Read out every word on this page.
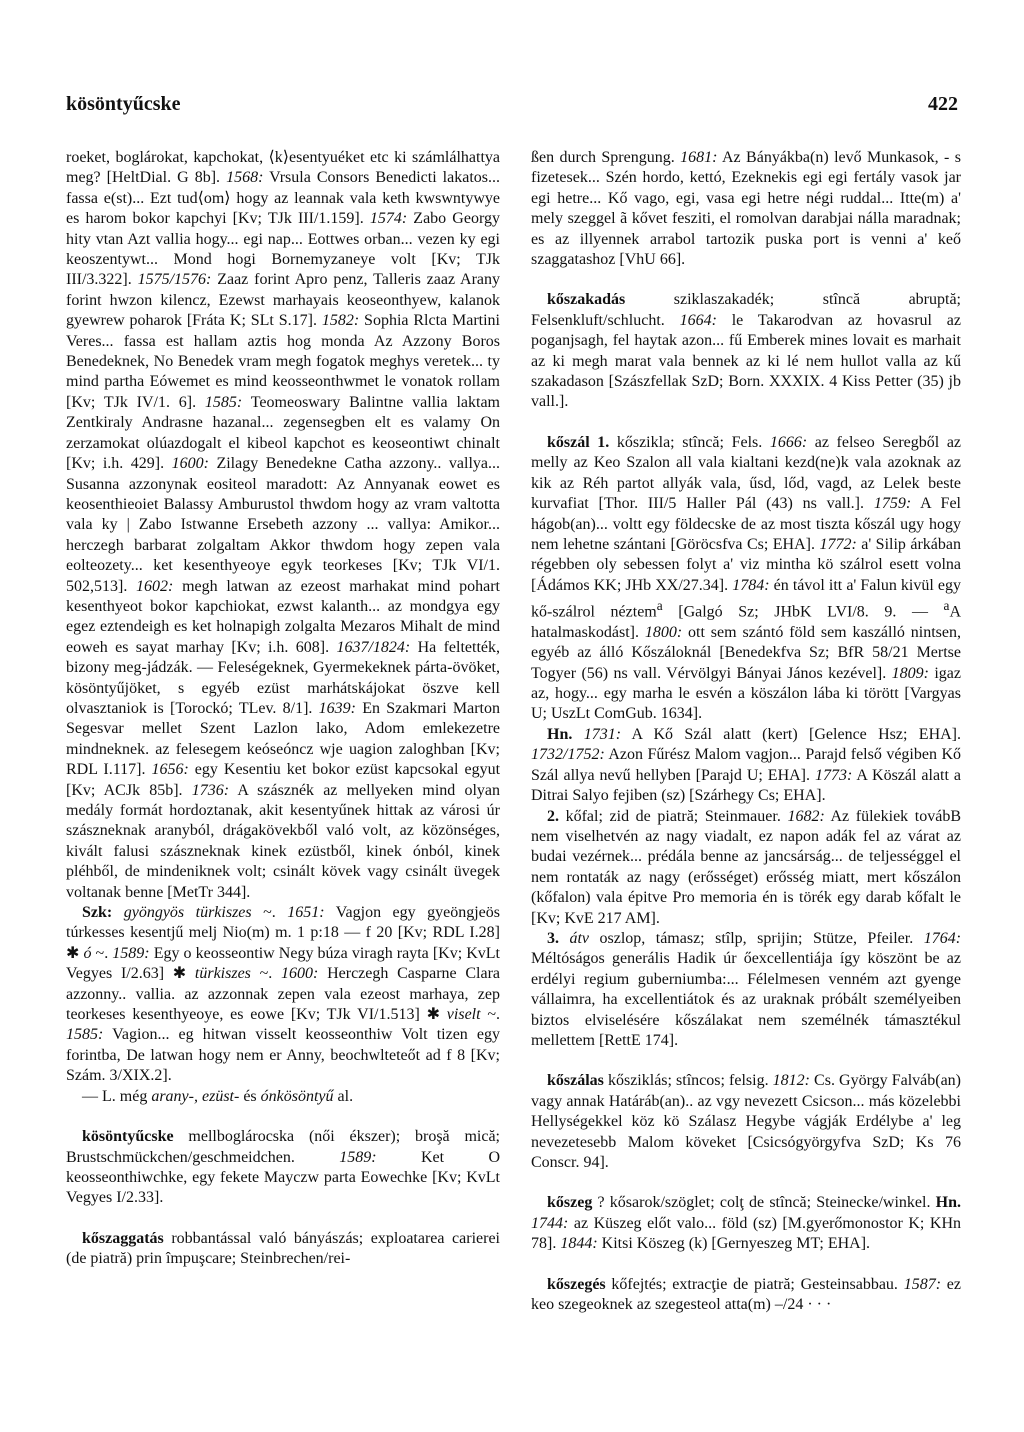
kösöntyűcske	422

roeket, boglárokat, kapchokat, ⟨k⟩esentyuéket etc ki számlálhattya meg? [HeltDial. G 8b]. 1568: Vrsula Consors Benedicti lakatos... fassa e(st)... Ezt tud⟨om⟩ hogy az leannak vala keth kwswntywye es harom bokor kapchyi [Kv; TJk III/1.159]. 1574: Zabo Georgy hity vtan Azt vallia hogy... egi nap... Eottwes orban... vezen ky egi keoszentywt... Mond hogi Bornemyzaneye volt [Kv; TJk III/3.322]. 1575/1576: Zaaz forint Apro penz, Talleris zaaz Arany forint hwzon kilencz, Ezewst marhayais keoseonthyew, kalanok gyewrew poharok [Fráta K; SLt S.17]. 1582: Sophia Rlcta Martini Veres... fassa est hallam aztis hog monda Az Azzony Boros Benedeknek, No Benedek vram megh fogatok meghys veretek... ty mind partha Eówemet es mind keosseonthwmet le vonatok rollam [Kv; TJk IV/1. 6]. 1585: Teomeoswary Balintne vallia laktam Zentkiraly Andrasne hazanal... zegensegben elt es valamy On zerzamokat olúazdogalt el kibeol kapchot es keoseontiwt chinalt [Kv; i.h. 429]. 1600: Zilagy Benedekne Catha azzony.. vallya... Susanna azzonynak eositeol maradott: Az Annyanak eowet es keosenthieoiet Balassy Amburustol thwdom hogy az vram valtotta vala ky | Zabo Istwanne Ersebeth azzony ... vallya: Amikor... herczegh barbarat zolgaltam Akkor thwdom hogy zepen vala eolteozety... ket kesenthyeoye egyk teorkeses [Kv; TJk VI/1. 502,513]. 1602: megh latwan az ezeost marhakat mind pohart kesenthyeot bokor kapchiokat, ezwst kalanth... az mondgya egy egez eztendeigh es ket holnapigh zolgalta Mezaros Mihalt de mind eoweh es sayat marhay [Kv; i.h. 608]. 1637/1824: Ha feltették, bizony meg-jádzák. — Feleségeknek, Gyermekeknek párta-övöket, kösöntyűjöket, s egyéb ezüst marhátskájokat öszve kell olvasztaniok is [Torockó; TLev. 8/1]. 1639: En Szakmari Marton Segesvar mellet Szent Lazlon lako, Adom emlekezetre mindneknek. az felesegem keóseóncz wje uagion zaloghban [Kv; RDL I.117]. 1656: egy Kesentiu ket bokor ezüst kapcsokal egyut [Kv; ACJk 85b]. 1736: A szásznék az mellyeken mind olyan medály formát hordoztanak, akit kesentyűnek hittak az városi úr szászneknak aranyból, drágakövekből való volt, az közönséges, kivált falusi szászneknak kinek ezüstből, kinek ónból, kinek pléhből, de mindeniknek volt; csinált kövek vagy csinált üvegek voltanak benne [MetTr 344].

Szk: gyöngyös türkiszes ~. 1651: Vagjon egy gyeöngjeös túrkesses kesentjű melj Nio(m) m. 1 p:18 — f 20 [Kv; RDL I.28] ✱ ó ~. 1589: Egy o keosseontiw Negy búza viragh rayta [Kv; KvLt Vegyes I/2.63] ✱ türkiszes ~. 1600: Herczegh Casparne Clara azzonny.. vallia. az azzonnak zepen vala ezeost marhaya, zep teorkeses kesenthyeoye, es eowe [Kv; TJk VI/1.513] ✱ viselt ~. 1585: Vagion... eg hitwan visselt keosseonthiw Volt tizen egy forintba, De latwan hogy nem er Anny, beochwlteteőt ad f 8 [Kv; Szám. 3/XIX.2].

— L. még arany-, ezüst- és ónkösöntyű al.

kösöntyűcske mellboglárocska (női ékszer); broşă mică; Brustschmückchen/geschmeidchen. 1589: Ket O keosseonthiwchke, egy fekete Mayczw parta Eowechke [Kv; KvLt Vegyes I/2.33].

kőszaggatás robbantással való bányászás; exploatarea carierei (de piatră) prin împuşcare; Steinbrechen/rei-

ßen durch Sprengung. 1681: Az Bányákba(n) levő Munkasok, - s fizetesek... Szén hordo, kettó, Ezeknekis egi egi fertály vasok jar egi hetre... Kő vago, egi, vasa egi hetre négi ruddal... Itte(m) a' mely szeggel ã kővet fesziti, el romolvan darabjai nálla maradnak; es az illyennek arrabol tartozik puska port is venni a' keő szaggatashoz [VhU 66].

kőszakadás sziklaszakadék; stîncă abruptă; Felsenkluft/schlucht. 1664: le Takarodvan az hovasrul az poganjsagh, fel haytak azon... fű Emberek mines lovait es marhait az ki megh marat vala bennek az ki lé nem hullot valla az kű szakadason [Szászfellak SzD; Born. XXXIX. 4 Kiss Petter (35) jb vall.].

kőszál 1. kőszikla; stîncă; Fels. 1666: az felseo Seregből az melly az Keo Szalon all vala kialtani kezd(ne)k vala azoknak az kik az Réh partot allyák vala, űsd, lőd, vagd, az Lelek beste kurvafiat [Thor. III/5 Haller Pál (43) ns vall.]. 1759: A Fel hágob(an)... voltt egy földecske de az most tiszta kőszál ugy hogy nem lehetne szántani [Göröcsfva Cs; EHA]. 1772: a' Silip árkában régebben oly sebessen folyt a' viz mintha kö szálrol esett volna [Ádámos KK; JHb XX/27.34]. 1784: én távol itt a' Falun kivül egy kő-szálrol néztem$^a$ [Galgó Sz; JHbK LVI/8. 9. — $^a$A hatalmaskodást]. 1800: ott sem szántó föld sem kaszálló nintsen, egyéb az álló Kőszáloknál [Benedekfva Sz; BfR 58/21 Mertse Togyer (56) ns vall. Vérvölgyi Bányai János kezével]. 1809: igaz az, hogy... egy marha le esvén a köszálon lába ki törött [Vargyas U; UszLt ComGub. 1634].

Hn. 1731: A Kő Szál alatt (kert) [Gelence Hsz; EHA]. 1732/1752: Azon Fűrész Malom vagjon... Parajd felső végiben Kő Szál allya nevű hellyben [Parajd U; EHA]. 1773: A Köszál alatt a Ditrai Salyo fejiben (sz) [Szárhegy Cs; EHA].

2. kőfal; zid de piatră; Steinmauer. 1682: Az fülekiek továbB nem viselhetvén az nagy viadalt, ez napon adák fel az várat az budai vezérnek... prédála benne az jancsárság... de teljességgel el nem rontaták az nagy (erősséget) erősség miatt, mert kőszálon (kőfalon) vala épitve Pro memoria én is törék egy darab kőfalt le [Kv; KvE 217 AM].

3. átv oszlop, támasz; stîlp, sprijin; Stütze, Pfeiler. 1764: Méltóságos generális Hadik úr őexcellentiája így köszönt be az erdélyi regium guberniumba:... Félelmesen venném azt gyenge vállaimra, ha excellentiátok és az uraknak próbált személyeiben biztos elviselésére kőszálakat nem személnék támasztékul mellettem [RettE 174].

kőszálas kősziklás; stîncos; felsig. 1812: Cs. György Falváb(an) vagy annak Határáb(an).. az vgy nevezett Csicson... más közelebbi Hellységekkel köz kö Szálasz Hegybe vágják Erdélybe a' leg nevezetesebb Malom köveket [Csicsógyörgyfva SzD; Ks 76 Conscr. 94].

kőszeg ? kősarok/szöglet; colţ de stîncă; Steinecke/winkel. Hn. 1744: az Küszeg előt valo... föld (sz) [M.gyerőmonostor K; KHn 78]. 1844: Kitsi Köszeg (k) [Gernyeszeg MT; EHA].

kőszegés kőfejtés; extracţie de piatră; Gesteinsabbau. 1587: ez keo szegeoknek az szegesteol atta(m) –/24 · · ·
